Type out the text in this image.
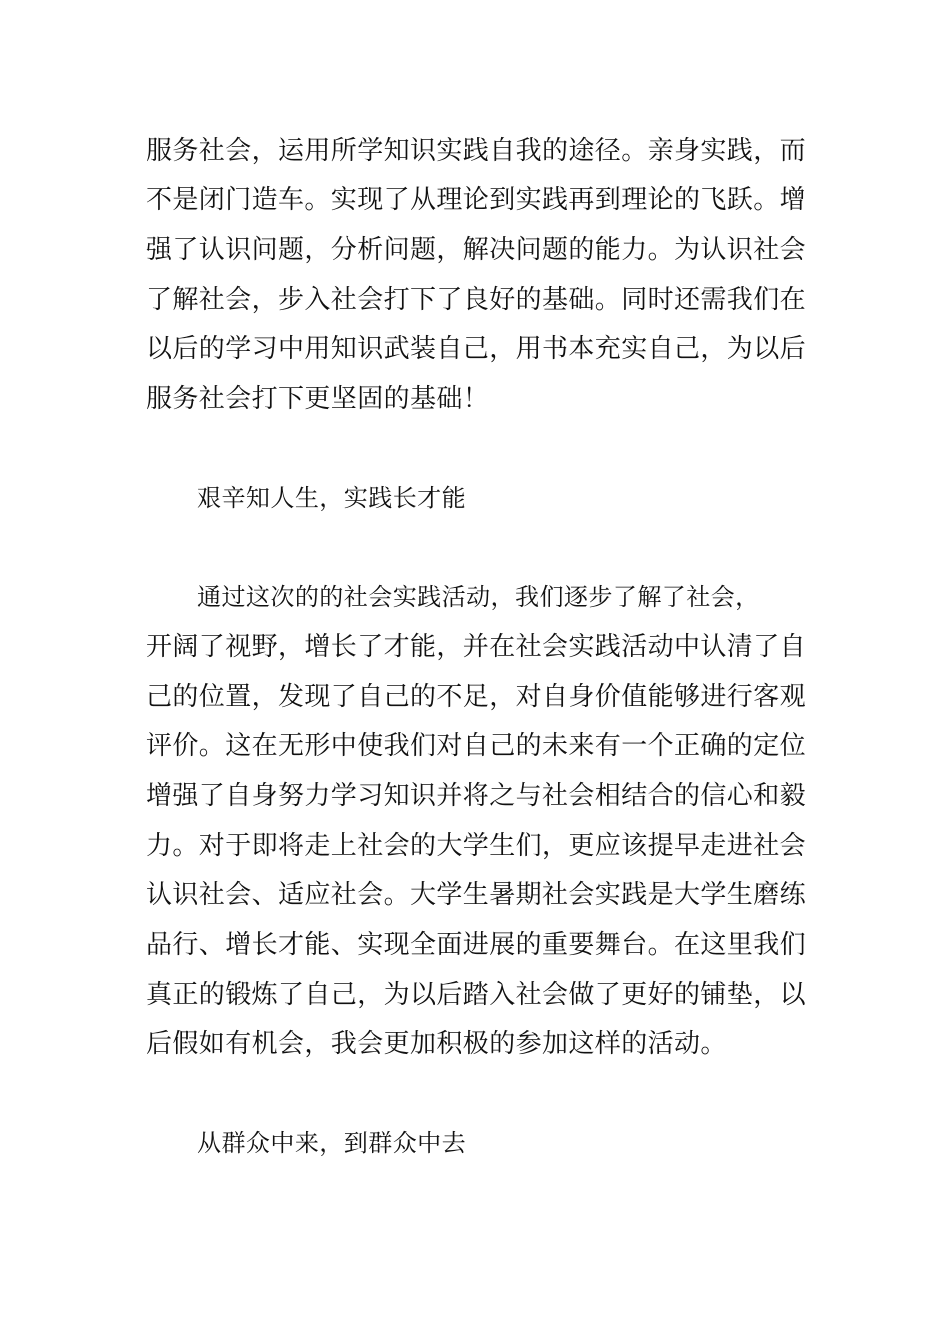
服务社会，运用所学知识实践自我的途径。亲身实践，而
不是闭门造车。实现了从理论到实践再到理论的飞跃。增
强了认识问题，分析问题，解决问题的能力。为认识社会
了解社会，步入社会打下了良好的基础。同时还需我们在
以后的学习中用知识武装自己，用书本充实自己，为以后
服务社会打下更坚固的基础！
艰辛知人生，实践长才能
通过这次的的社会实践活动，我们逐步了解了社会，
开阔了视野，增长了才能，并在社会实践活动中认清了自
己的位置，发现了自己的不足，对自身价值能够进行客观
评价。这在无形中使我们对自己的未来有一个正确的定位
增强了自身努力学习知识并将之与社会相结合的信心和毅
力。对于即将走上社会的大学生们，更应该提早走进社会
认识社会、适应社会。大学生暑期社会实践是大学生磨练
品行、增长才能、实现全面进展的重要舞台。在这里我们
真正的锻炼了自己，为以后踏入社会做了更好的铺垫，以
后假如有机会，我会更加积极的参加这样的活动。
从群众中来，到群众中去
